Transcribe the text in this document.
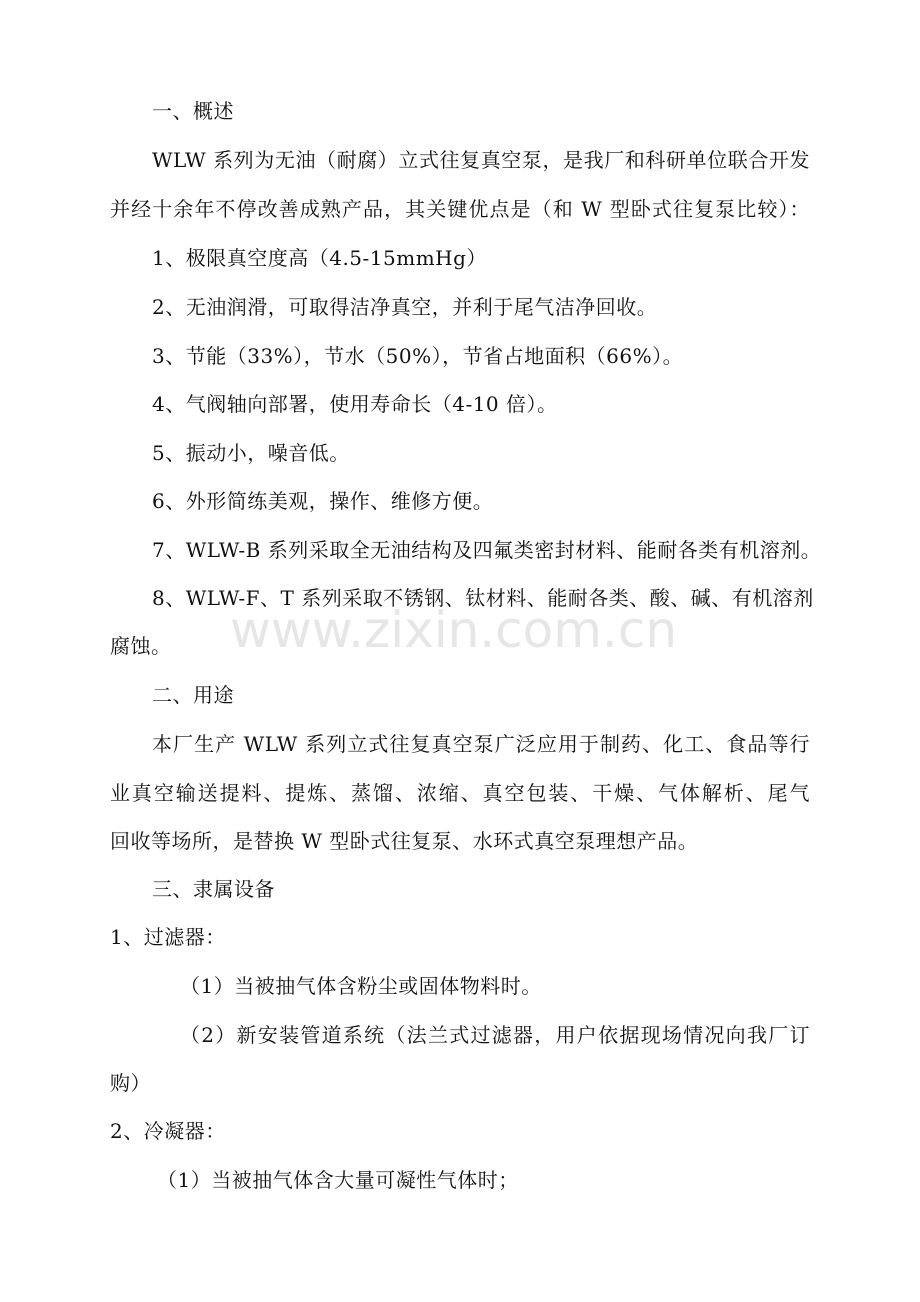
一、概述
WLW 系列为无油（耐腐）立式往复真空泵，是我厂和科研单位联合开发
并经十余年不停改善成熟产品，其关键优点是（和 W 型卧式往复泵比较）：
1、极限真空度高（4.5-15mmHg）
2、无油润滑，可取得洁净真空，并利于尾气洁净回收。
3、节能（33%），节水（50%），节省占地面积（66%）。
4、气阀轴向部署，使用寿命长（4-10 倍）。
5、振动小，噪音低。
6、外形简练美观，操作、维修方便。
7、WLW-B 系列采取全无油结构及四氟类密封材料、能耐各类有机溶剂。
8、WLW-F、T 系列采取不锈钢、钛材料、能耐各类、酸、碱、有机溶剂
腐蚀。
二、用途
本厂生产 WLW 系列立式往复真空泵广泛应用于制药、化工、食品等行
业真空输送提料、提炼、蒸馏、浓缩、真空包装、干燥、气体解析、尾气
回收等场所，是替换 W 型卧式往复泵、水环式真空泵理想产品。
三、隶属设备
1、过滤器：
（1）当被抽气体含粉尘或固体物料时。
（2）新安装管道系统（法兰式过滤器，用户依据现场情况向我厂订
购）
2、冷凝器：
（1）当被抽气体含大量可凝性气体时；
www.zixin.com.cn
